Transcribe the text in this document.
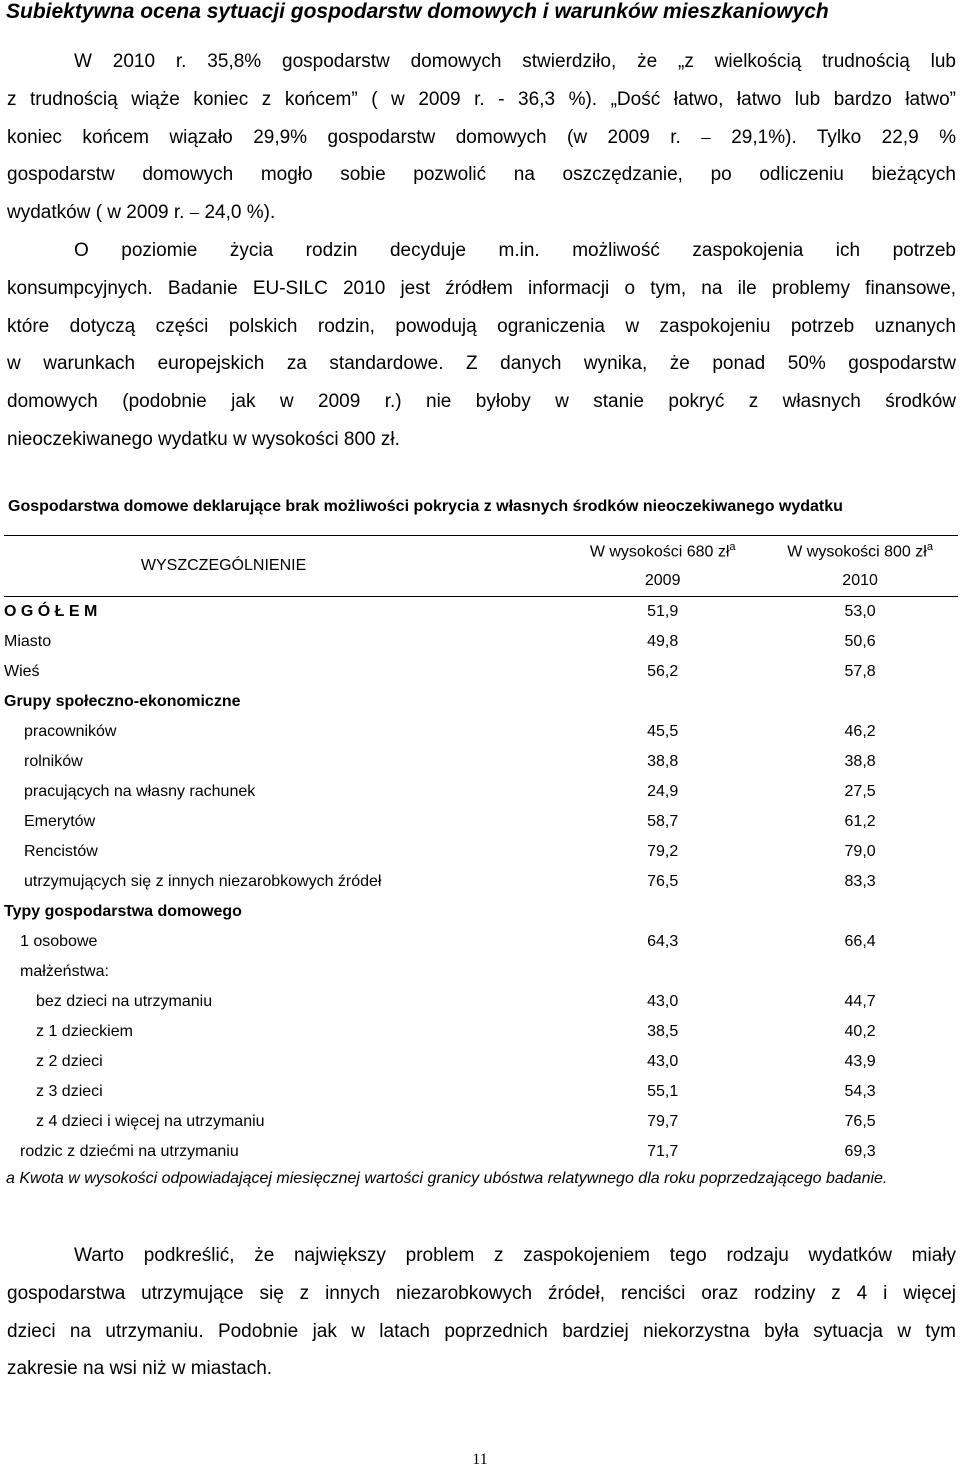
Subiektywna ocena sytuacji gospodarstw domowych i warunków mieszkaniowych
W 2010 r. 35,8% gospodarstw domowych stwierdziło, że „z wielkością trudnością lub
z trudnością wiąże koniec z końcem” ( w 2009 r. - 36,3 %). „Dość łatwo, łatwo lub bardzo łatwo”
koniec końcem wiązało 29,9% gospodarstw domowych (w 2009 r. ⎯ 29,1%). Tylko 22,9 %
gospodarstw domowych mogło sobie pozwolić na oszczędzanie, po odliczeniu bieżących
wydatków ( w 2009 r. ⎯ 24,0 %).
O poziomie życia rodzin decyduje m.in. możliwość zaspokojenia ich potrzeb
konsumpcyjnych. Badanie EU-SILC 2010 jest źródłem informacji o tym, na ile problemy finansowe,
które dotyczą części polskich rodzin, powodują ograniczenia w zaspokojeniu potrzeb uznanych
w warunkach europejskich za standardowe. Z danych wynika, że ponad 50% gospodarstw
domowych (podobnie jak w 2009 r.) nie byłoby w stanie pokryć z własnych środków
nieoczekiwanego wydatku w wysokości 800 zł.

Gospodarstwa domowe deklarujące brak możliwości pokrycia z własnych środków nieoczekiwanego wydatku

WYSZCZEGÓLNIENIE	W wysokości 680 $zł^a$	W wysokości 800 $zł^a$
	2009	2010
O G Ó Ł E M	51,9	53,0
Miasto	49,8	50,6
Wieś	56,2	57,8
Grupy społeczno-ekonomiczne		
pracowników	45,5	46,2
rolników	38,8	38,8
pracujących na własny rachunek	24,9	27,5
Emerytów	58,7	61,2
Rencistów	79,2	79,0
utrzymujących się z innych niezarobkowych źródeł	76,5	83,3
Typy gospodarstwa domowego		
1 osobowe	64,3	66,4
małżeństwa:		
bez dzieci na utrzymaniu	43,0	44,7
z 1 dzieckiem	38,5	40,2
z 2 dzieci	43,0	43,9
z 3 dzieci	55,1	54,3
z 4 dzieci i więcej na utrzymaniu	79,7	76,5
rodzic z dziećmi na utrzymaniu	71,7	69,3

a Kwota w wysokości odpowiadającej miesięcznej wartości granicy ubóstwa relatywnego dla roku poprzedzającego badanie.

Warto podkreślić, że największy problem z zaspokojeniem tego rodzaju wydatków miały
gospodarstwa utrzymujące się z innych niezarobkowych źródeł, renciści oraz rodziny z 4 i więcej
dzieci na utrzymaniu. Podobnie jak w latach poprzednich bardziej niekorzystna była sytuacja w tym
zakresie na wsi niż w miastach.
11
